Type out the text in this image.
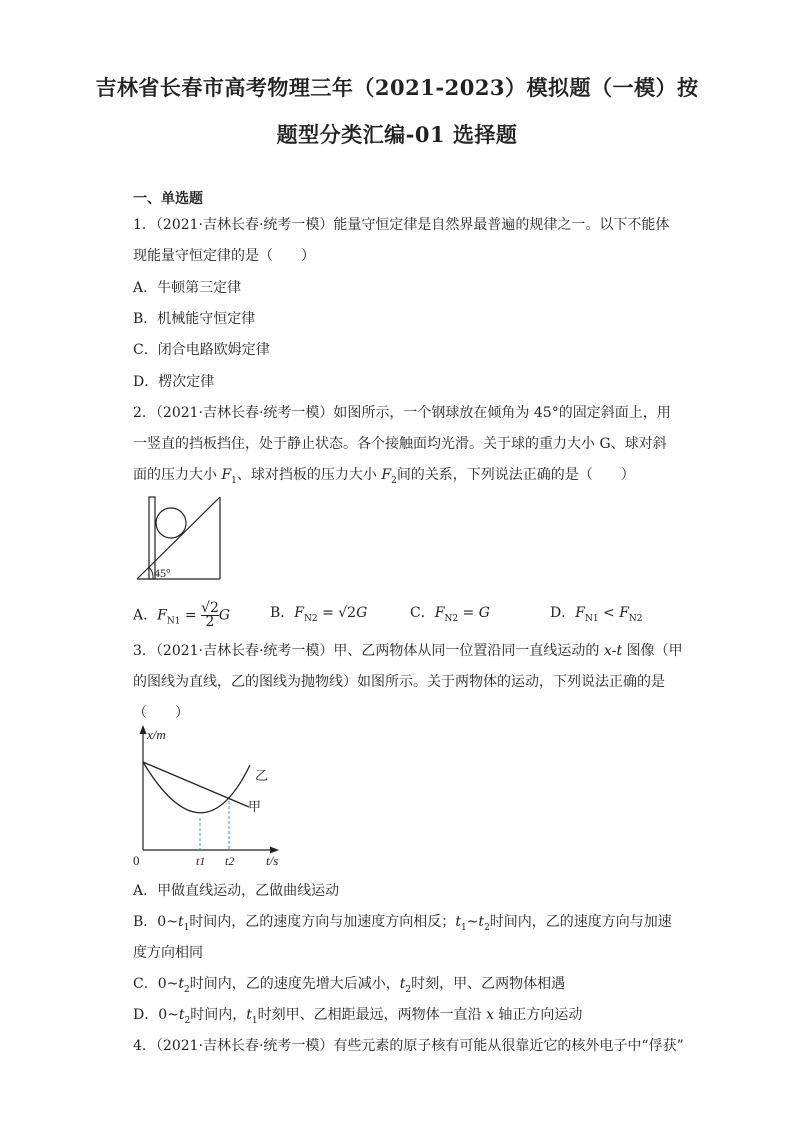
吉林省长春市高考物理三年（2021-2023）模拟题（一模）按
题型分类汇编-01 选择题
一、单选题
1．（2021·吉林长春·统考一模）能量守恒定律是自然界最普遍的规律之一。以下不能体
现能量守恒定律的是（　　）
A．牛顿第三定律
B．机械能守恒定律
C．闭合电路欧姆定律
D．楞次定律
2．（2021·吉林长春·统考一模）如图所示，一个钢球放在倾角为 45°的固定斜面上，用
一竖直的挡板挡住，处于静止状态。各个接触面均光滑。关于球的重力大小 G、球对斜
面的压力大小 $F_1$、球对挡板的压力大小 $F_2$间的关系，下列说法正确的是（　　）
45°
A．$F_{N1} = \frac{√2}{2}$ G	B．$F_{N2} = √2G$	C．$F_{N2} = G$	D．$F_{N1} < F_{N2}$
3．（2021·吉林长春·统考一模）甲、乙两物体从同一位置沿同一直线运动的 x-t 图像（甲
的图线为直线，乙的图线为抛物线）如图所示。关于两物体的运动，下列说法正确的是
（　　）
x/m
0	t1 t2 t/s
乙
甲
A．甲做直线运动，乙做曲线运动
B．$0\sim t_1$时间内，乙的速度方向与加速度方向相反；$t_1\sim t_2$时间内，乙的速度方向与加速
度方向相同
C．$0\sim t_2$时间内，乙的速度先增大后减小，$t_2$时刻，甲、乙两物体相遇
D．$0\sim t_2$时间内，$t_1$时刻甲、乙相距最远，两物体一直沿 x 轴正方向运动
4．（2021·吉林长春·统考一模）有些元素的原子核有可能从很靠近它的核外电子中“俘获”
